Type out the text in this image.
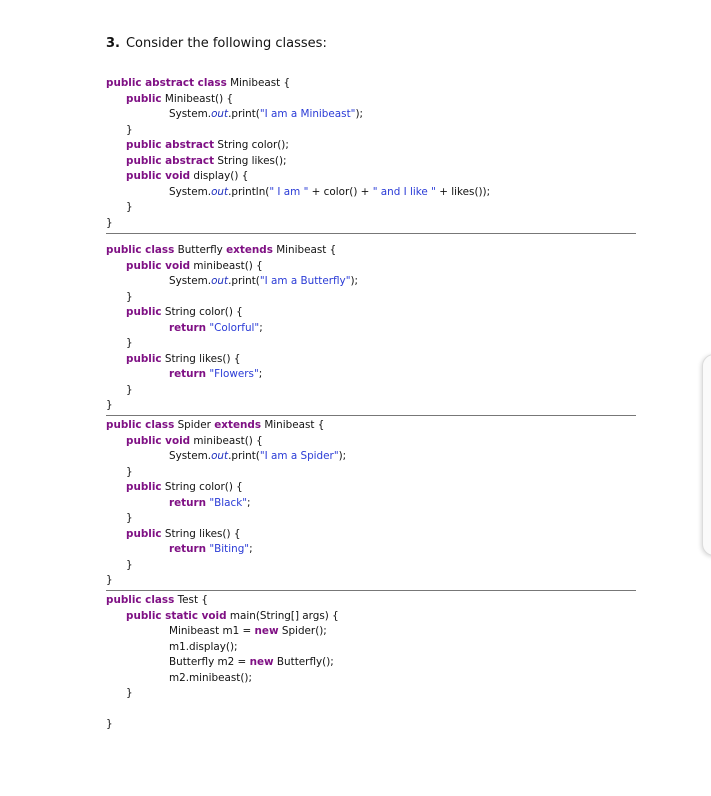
3. Consider the following classes:
public abstract class Minibeast {
public Minibeast() {
System.out.print("I am a Minibeast");
}
public abstract String color();
public abstract String likes();
public void display() {
System.out.println(" I am " + color() + " and I like " + likes());
}
}
public class Butterfly extends Minibeast {
public void minibeast() {
System.out.print("I am a Butterfly");
}
public String color() {
return "Colorful";
}
public String likes() {
return "Flowers";
}
}
public class Spider extends Minibeast {
public void minibeast() {
System.out.print("I am a Spider");
}
public String color() {
return "Black";
}
public String likes() {
return "Biting";
}
}
public class Test {
public static void main(String[] args) {
Minibeast m1 = new Spider();
m1.display();
Butterfly m2 = new Butterfly();
m2.minibeast();
}
}
